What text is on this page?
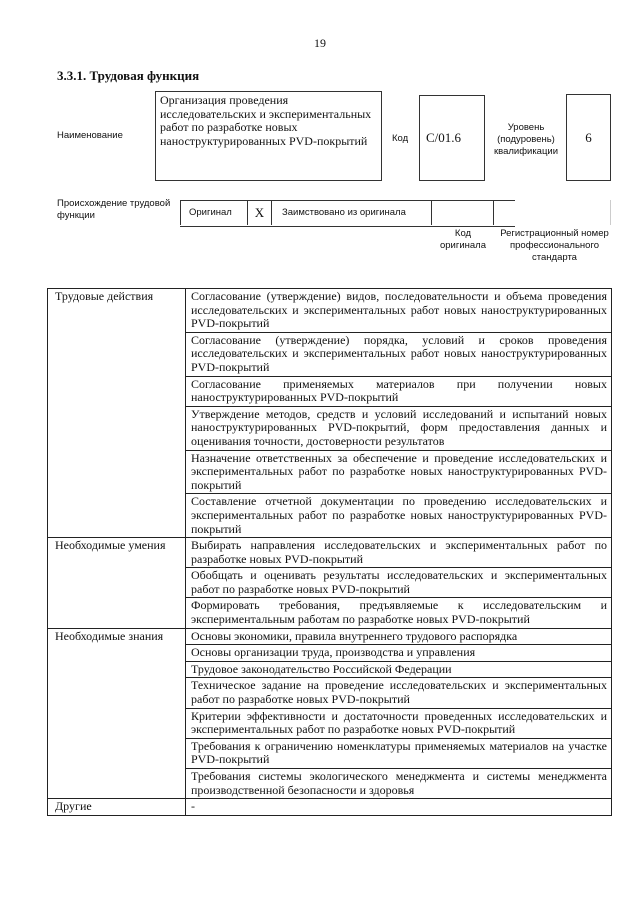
19
3.3.1. Трудовая функция
Наименование
Организация проведения исследовательских и экспериментальных работ по разработке новых наноструктурированных PVD-покрытий	Код	C/01.6
Уровень (подуровень) квалификации
6
Происхождение трудовой функции	Оригинал	X	Заимствовано из оригинала
Код оригинала
Регистрационный номер профессионального стандарта
Трудовые действия	Согласование (утверждение) видов, последовательности и объема проведения исследовательских и экспериментальных работ новых наноструктурированных PVD-покрытий
	Согласование (утверждение) порядка, условий и сроков проведения исследовательских и экспериментальных работ новых наноструктурированных PVD-покрытий
	Согласование применяемых материалов при получении новых наноструктурированных PVD-покрытий
	Утверждение методов, средств и условий исследований и испытаний новых наноструктурированных PVD-покрытий, форм предоставления данных и оценивания точности, достоверности результатов
	Назначение ответственных за обеспечение и проведение исследовательских и экспериментальных работ по разработке новых наноструктурированных PVD-покрытий
	Составление отчетной документации по проведению исследовательских и экспериментальных работ по разработке новых наноструктурированных PVD-покрытий
Необходимые умения	Выбирать направления исследовательских и экспериментальных работ по разработке новых PVD-покрытий
	Обобщать и оценивать результаты исследовательских и экспериментальных работ по разработке новых PVD-покрытий
	Формировать требования, предъявляемые к исследовательским и экспериментальным работам по разработке новых PVD-покрытий
Необходимые знания	Основы экономики, правила внутреннего трудового распорядка
	Основы организации труда, производства и управления
	Трудовое законодательство Российской Федерации
	Техническое задание на проведение исследовательских и экспериментальных работ по разработке новых PVD-покрытий
	Критерии эффективности и достаточности проведенных исследовательских и экспериментальных работ по разработке новых PVD-покрытий
	Требования к ограничению номенклатуры применяемых материалов на участке PVD-покрытий
	Требования системы экологического менеджмента и системы менеджмента производственной безопасности и здоровья
Другие	-
